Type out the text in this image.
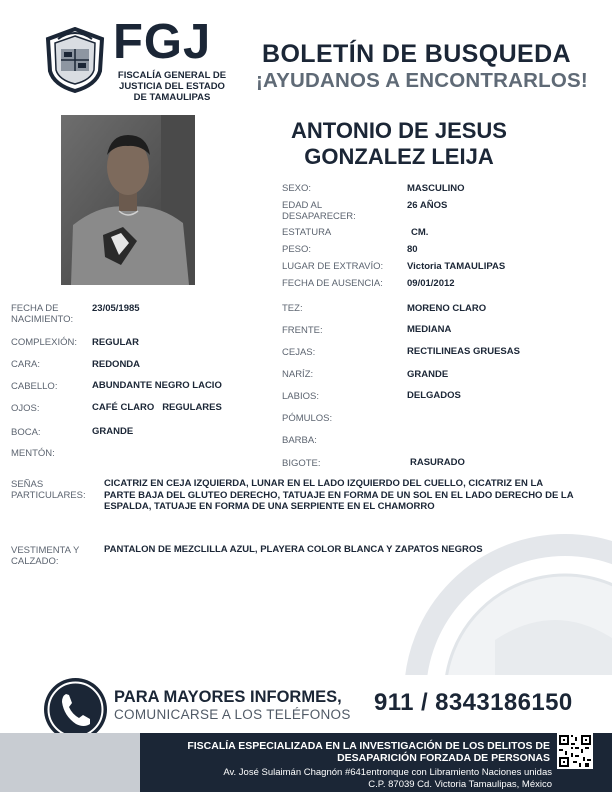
FGJ
FISCALÍA GENERAL DE
JUSTICIA DEL ESTADO
DE TAMAULIPAS
BOLETÍN DE BUSQUEDA
¡AYUDANOS A ENCONTRARLOS!
ANTONIO DE JESUS
GONZALEZ LEIJA
SEXO:	MASCULINO
EDAD AL DESAPARECER:
26 AÑOS
ESTATURA	CM.
PESO:	80
LUGAR DE EXTRAVÍO:	Victoria TAMAULIPAS
FECHA DE AUSENCIA:	09/01/2012
FECHA DE NACIMIENTO:
23/05/1985
COMPLEXIÓN: REGULAR
CARA:	REDONDA
CABELLO:	ABUNDANTE NEGRO LACIO
OJOS:	CAFÉ CLARO   REGULARES
BOCA:	GRANDE
MENTÓN:
TEZ:	MORENO CLARO
FRENTE:	MEDIANA
CEJAS:	RECTILINEAS GRUESAS
NARÍZ:	GRANDE
LABIOS:	DELGADOS
PÓMULOS:
BARBA:
BIGOTE:	RASURADO
SEÑAS PARTICULARES:
CICATRIZ EN CEJA IZQUIERDA, LUNAR EN EL LADO IZQUIERDO DEL CUELLO, CICATRIZ EN LA PARTE BAJA DEL GLUTEO DERECHO, TATUAJE EN FORMA DE UN SOL EN EL LADO DERECHO DE LA ESPALDA, TATUAJE EN FORMA DE UNA SERPIENTE EN EL CHAMORRO
VESTIMENTA Y CALZADO:
PANTALON DE MEZCLILLA AZUL, PLAYERA COLOR BLANCA Y ZAPATOS NEGROS
PARA MAYORES INFORMES,
COMUNICARSE A LOS TELÉFONOS 911 / 8343186150
FISCALÍA ESPECIALIZADA EN LA INVESTIGACIÓN DE LOS DELITOS DE
DESAPARICIÓN FORZADA DE PERSONAS
Av. José Sulaimán Chagnón #641entronque con Libramiento Naciones unidas
C.P. 87039 Cd. Victoria Tamaulipas, México
